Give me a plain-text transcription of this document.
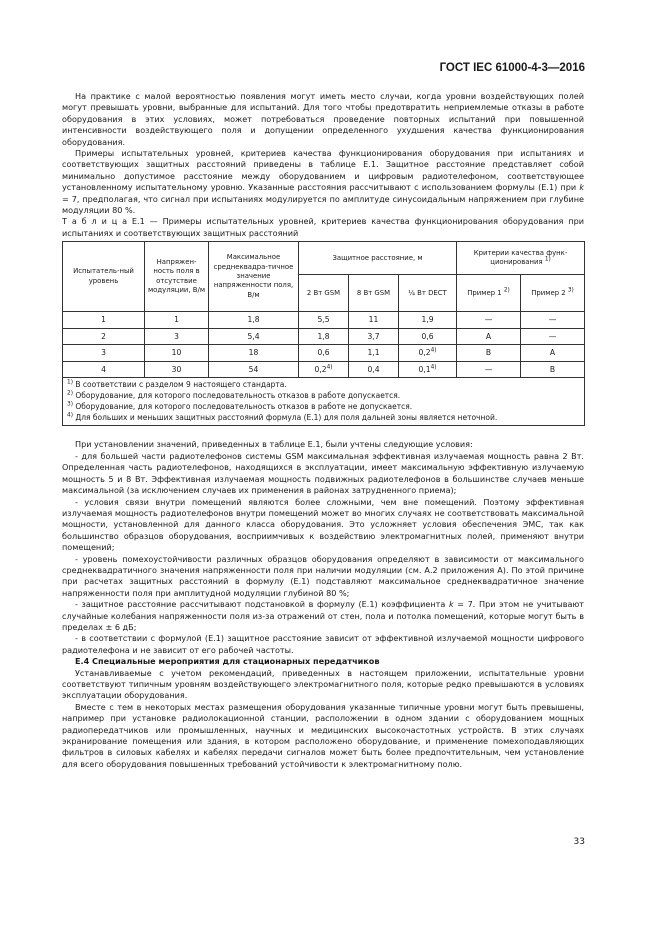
ГОСТ IEC 61000-4-3—2016

На практике с малой вероятностью появления могут иметь место случаи, когда уровни воздействующих полей могут превышать уровни, выбранные для испытаний. Для того чтобы предотвратить неприемлемые отказы в работе оборудования в этих условиях, может потребоваться проведение повторных испытаний при повышенной интенсивности воздействующего поля и допущении определенного ухудшения качества функционирования оборудования.

Примеры испытательных уровней, критериев качества функционирования оборудования при испытаниях и соответствующих защитных расстояний приведены в таблице Е.1. Защитное расстояние представляет собой минимально допустимое расстояние между оборудованием и цифровым радиотелефоном, соответствующее установленному испытательному уровню. Указанные расстояния рассчитывают с использованием формулы (Е.1) при k = 7, предполагая, что сигнал при испытаниях модулируется по амплитуде синусоидальным напряжением при глубине модуляции 80 %.

Т а б л и ц а Е.1 — Примеры испытательных уровней, критериев качества функционирования оборудования при испытаниях и соответствующих защитных расстояний

Испытатель-ный уровень	Напряжен-ность поля в отсутствие модуляции, В/м	Максимальное среднеквадра-тичное значение напряженности поля, В/м	Защитное расстояние, м			Критерии качества функ-ционирования $^{1)}$
			2 Вт GSM	8 Вт GSM	¼ Вт DECT	Пример 1 $^{2)}$	Пример 2 $^{3)}$
1	1	1,8	5,5	11	1,9	—	—
2	3	5,4	1,8	3,7	0,6	А	—
3	10	18	0,6	1,1	0,2$^{4)}$	В	А
4	30	54	0,2$^{4)}$	0,4	0,1$^{4)}$	—	В

$^{1)}$ В соответствии с разделом 9 настоящего стандарта.
$^{2)}$ Оборудование, для которого последовательность отказов в работе допускается.
$^{3)}$ Оборудование, для которого последовательность отказов в работе не допускается.
$^{4)}$ Для больших и меньших защитных расстояний формула (Е.1) для поля дальней зоны является неточной.							

При установлении значений, приведенных в таблице Е.1, были учтены следующие условия:

- для большей части радиотелефонов системы GSM максимальная эффективная излучаемая мощность равна 2 Вт. Определенная часть радиотелефонов, находящихся в эксплуатации, имеет максимальную эффективную излучаемую мощность 5 и 8 Вт. Эффективная излучаемая мощность подвижных радиотелефонов в большинстве случаев меньше максимальной (за исключением случаев их применения в районах затрудненного приема);

- условия связи внутри помещений являются более сложными, чем вне помещений. Поэтому эффективная излучаемая мощность радиотелефонов внутри помещений может во многих случаях не соответствовать максимальной мощности, установленной для данного класса оборудования. Это усложняет условия обеспечения ЭМС, так как большинство образцов оборудования, восприимчивых к воздействию электромагнитных полей, применяют внутри помещений;

- уровень помехоустойчивости различных образцов оборудования определяют в зависимости от максимального среднеквадратичного значения напряженности поля при наличии модуляции (см. А.2 приложения А). По этой причине при расчетах защитных расстояний в формулу (Е.1) подставляют максимальное среднеквадратичное значение напряженности поля при амплитудной модуляции глубиной 80 %;

- защитное расстояние рассчитывают подстановкой в формулу (Е.1) коэффициента k = 7. При этом не учитывают случайные колебания напряженности поля из-за отражений от стен, пола и потолка помещений, которые могут быть в пределах ± 6 дБ;

- в соответствии с формулой (Е.1) защитное расстояние зависит от эффективной излучаемой мощности цифрового радиотелефона и не зависит от его рабочей частоты.

Е.4 Специальные мероприятия для стационарных передатчиков

Устанавливаемые с учетом рекомендаций, приведенных в настоящем приложении, испытательные уровни соответствуют типичным уровням воздействующего электромагнитного поля, которые редко превышаются в условиях эксплуатации оборудования.

Вместе с тем в некоторых местах размещения оборудования указанные типичные уровни могут быть превышены, например при установке радиолокационной станции, расположении в одном здании с оборудованием мощных радиопередатчиков или промышленных, научных и медицинских высокочастотных устройств. В этих случаях экранирование помещения или здания, в котором расположено оборудование, и применение помехоподавляющих фильтров в силовых кабелях и кабелях передачи сигналов может быть более предпочтительным, чем установление для всего оборудования повышенных требований устойчивости к электромагнитному полю.

33
